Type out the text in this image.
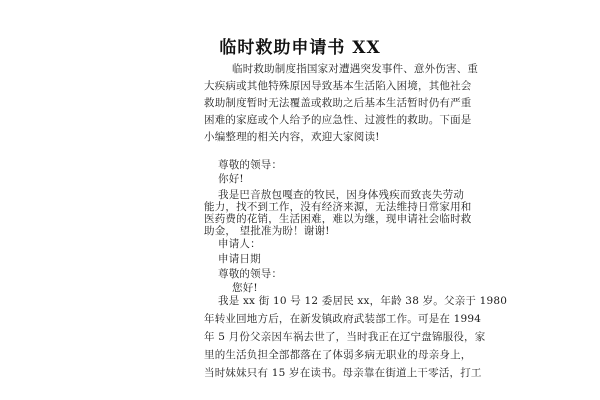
临时救助申请书 XX
临时救助制度指国家对遭遇突发事件、意外伤害、重
大疾病或其他特殊原因导致基本生活陷入困境，其他社会
救助制度暂时无法覆盖或救助之后基本生活暂时仍有严重
困难的家庭或个人给予的应急性、过渡性的救助。下面是
小编整理的相关内容，欢迎大家阅读!
尊敬的领导：
你好!
我是巴音敖包嘎查的牧民，因身体残疾而致丧失劳动
能力，找不到工作，没有经济来源，无法维持日常家用和
医药费的花销，生活困难，难以为继，现申请社会临时救
助金， 望批准为盼！谢谢!
申请人：
申请日期
尊敬的领导：
您好!
我是 xx 街 10 号 12 委居民 xx，年龄 38 岁。父亲于 1980
年转业回地方后，在新发镇政府武装部工作。可是在 1994
年 5 月份父亲因车祸去世了，当时我正在辽宁盘锦服役，家
里的生活负担全部都落在了体弱多病无职业的母亲身上，
当时妹妹只有 15 岁在读书。母亲靠在街道上干零活，打工
